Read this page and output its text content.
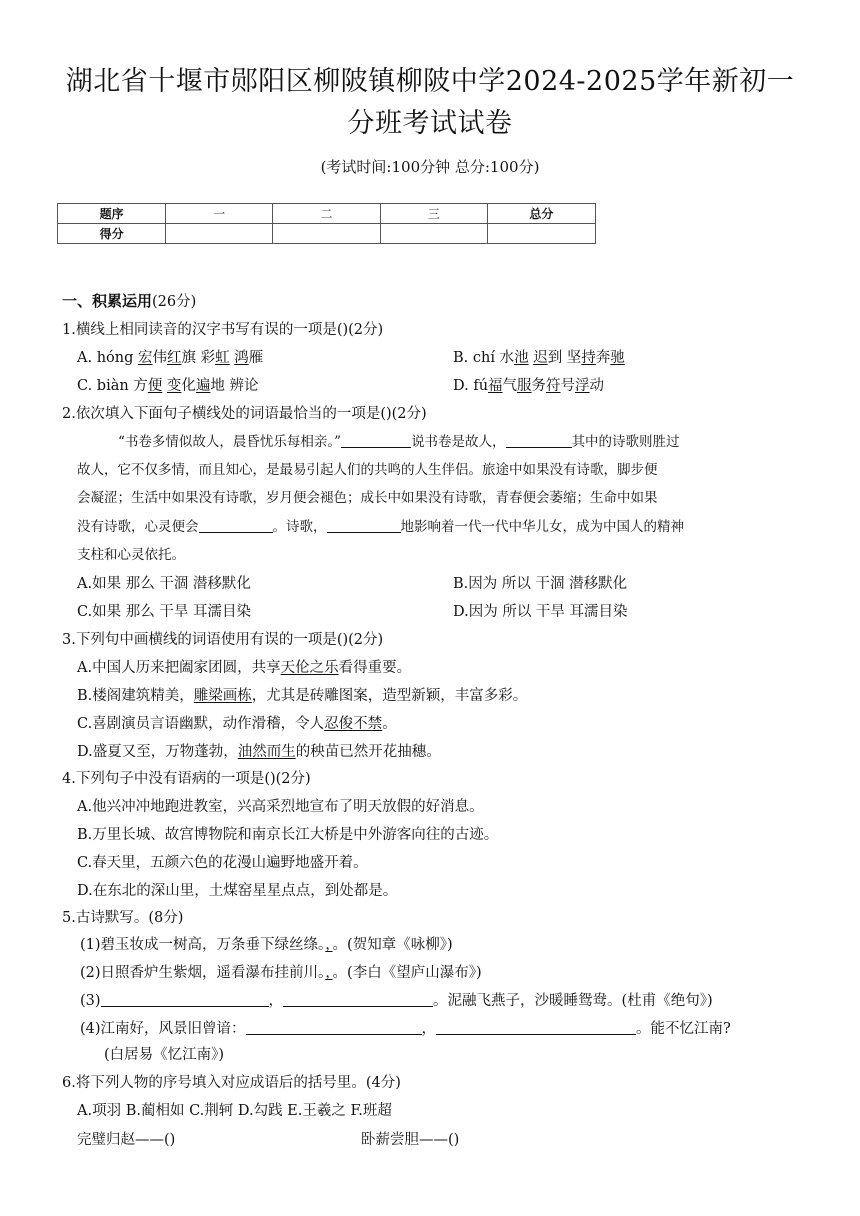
湖北省十堰市郧阳区柳陂镇柳陂中学2024-2025学年新初一
分班考试试卷
(考试时间:100分钟 总分:100分)
题序	一	二	三	总分
得分				
一、积累运用(26分)
1.横线上相同读音的汉字书写有误的一项是()(2分)
A. hóng 宏伟红旗 彩虹 鸿雁	B. chí 水池 迟到 坚持奔驰
C. biàn 方便 变化遍地 辨论	D. fú福气服务符号浮动
2.依次填入下面句子横线处的词语最恰当的一项是()(2分)
“书卷多情似故人，晨昏忧乐每相亲。”	说书卷是故人，	其中的诗歌则胜过
故人，它不仅多情，而且知心，是最易引起人们的共鸣的人生伴侣。旅途中如果没有诗歌，脚步便
会凝涩；生活中如果没有诗歌，岁月便会褪色；成长中如果没有诗歌，青春便会萎缩；生命中如果
没有诗歌，心灵便会	。诗歌，	地影响着一代一代中华儿女，成为中国人的精神
支柱和心灵依托。
A.如果 那么 干涸 潜移默化	B.因为 所以 干涸 潜移默化
C.如果 那么 干旱 耳濡目染	D.因为 所以 干旱 耳濡目染
3.下列句中画横线的词语使用有误的一项是()(2分)
A.中国人历来把阖家团圆，共享天伦之乐看得重要。
B.楼阁建筑精美，雕梁画栋，尤其是砖雕图案，造型新颖，丰富多彩。
C.喜剧演员言语幽默，动作滑稽，令人忍俊不禁。
D.盛夏又至，万物蓬勃，油然而生的秧苗已然开花抽穗。
4.下列句子中没有语病的一项是()(2分)
A.他兴冲冲地跑进教室，兴高采烈地宣布了明天放假的好消息。
B.万里长城、故宫博物院和南京长江大桥是中外游客向往的古迹。
C.春天里，五颜六色的花漫山遍野地盛开着。
D.在东北的深山里，土煤窑星星点点，到处都是。
5.古诗默写。(8分)
(1)碧玉妆成一树高，万条垂下绿丝绦。，。(贺知章《咏柳》)
(2)日照香炉生紫烟，遥看瀑布挂前川。，。(李白《望庐山瀑布》)
(3)	，	。泥融飞燕子，沙暖睡鸳鸯。(杜甫《绝句》)
(4)江南好，风景旧曾谙：	，	。能不忆江南?
(白居易《忆江南》)
6.将下列人物的序号填入对应成语后的括号里。(4分)
A.项羽 B.蔺相如 C.荆轲 D.勾践 E.王羲之 F.班超
完璧归赵——()	卧薪尝胆——()
